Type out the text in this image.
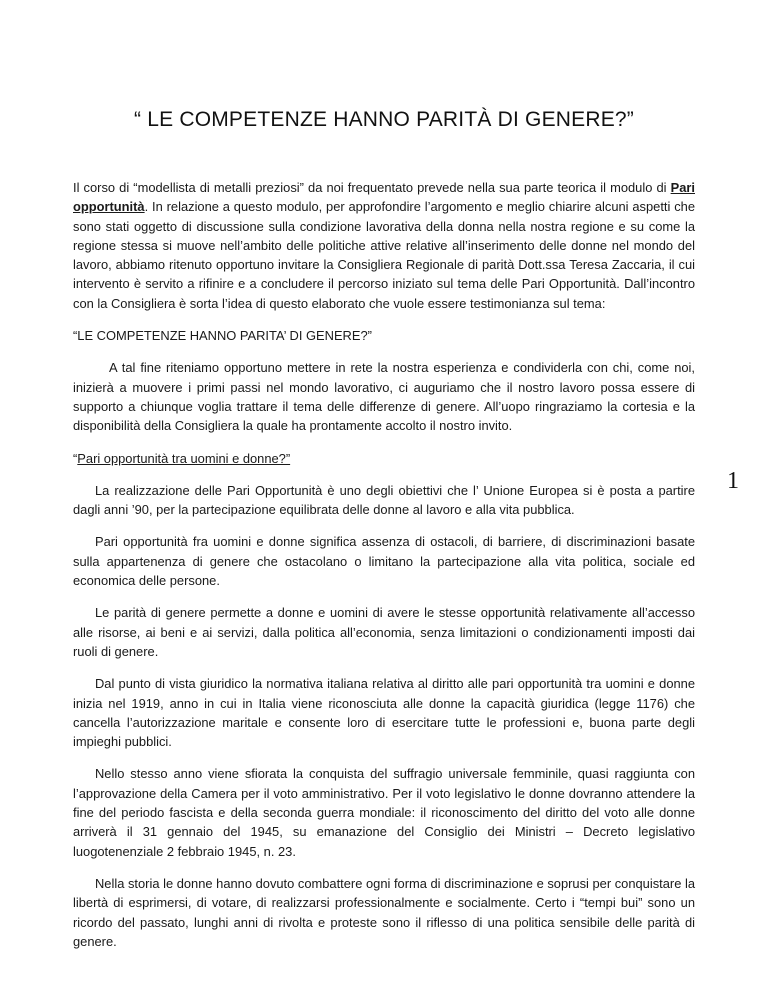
“ LE COMPETENZE HANNO PARITÀ DI GENERE?”

Il corso di “modellista di metalli preziosi” da noi frequentato prevede nella sua parte teorica il modulo di Pari opportunità. In relazione a questo modulo, per approfondire l’argomento e meglio chiarire alcuni aspetti che sono stati oggetto di discussione sulla condizione lavorativa della donna nella nostra regione e su come la regione stessa si muove nell’ambito delle politiche attive relative all’inserimento delle donne nel mondo del lavoro, abbiamo ritenuto opportuno invitare la Consigliera Regionale di parità Dott.ssa Teresa Zaccaria, il cui intervento è servito a rifinire e a concludere il percorso iniziato sul tema delle Pari Opportunità. Dall’incontro con la Consigliera è sorta l’idea di questo elaborato che vuole essere testimonianza sul tema:

“LE COMPETENZE HANNO PARITA’ DI GENERE?”

A tal fine riteniamo opportuno mettere in rete la nostra esperienza e condividerla con chi, come noi, inizierà a muovere i primi passi nel mondo lavorativo, ci auguriamo che il nostro lavoro possa essere di supporto a chiunque voglia trattare il tema delle differenze di genere. All’uopo ringraziamo la cortesia e la disponibilità della Consigliera la quale ha prontamente accolto il nostro invito.

“Pari opportunità tra uomini e donne?”

La realizzazione delle Pari Opportunità è uno degli obiettivi che l’ Unione Europea si è posta a partire dagli anni ’90, per la partecipazione equilibrata delle donne al lavoro e alla vita pubblica.

Pari opportunità fra uomini e donne significa assenza di ostacoli, di barriere, di discriminazioni basate sulla appartenenza di genere che ostacolano o limitano la partecipazione alla vita politica, sociale ed economica delle persone.

Le parità di genere permette a donne e uomini di avere le stesse opportunità relativamente all’accesso alle risorse, ai beni e ai servizi, dalla politica all’economia, senza limitazioni o condizionamenti imposti dai ruoli di genere.

Dal punto di vista giuridico la normativa italiana relativa al diritto alle pari opportunità tra uomini e donne inizia nel 1919, anno in cui in Italia viene riconosciuta alle donne la capacità giuridica (legge 1176) che cancella l’autorizzazione maritale e consente loro di esercitare tutte le professioni e, buona parte degli impieghi pubblici.

Nello stesso anno viene sfiorata la conquista del suffragio universale femminile, quasi raggiunta con l’approvazione della Camera per il voto amministrativo. Per il voto legislativo le donne dovranno attendere la fine del periodo fascista e della seconda guerra mondiale: il riconoscimento del diritto del voto alle donne arriverà il 31 gennaio del 1945, su emanazione del Consiglio dei Ministri – Decreto legislativo luogotenenziale 2 febbraio 1945, n. 23.

Nella storia le donne hanno dovuto combattere ogni forma di discriminazione e soprusi per conquistare la libertà di esprimersi, di votare, di realizzarsi professionalmente e socialmente. Certo i “tempi bui” sono un ricordo del passato, lunghi anni di rivolta e proteste sono il riflesso di una politica sensibile delle parità di genere.

1
